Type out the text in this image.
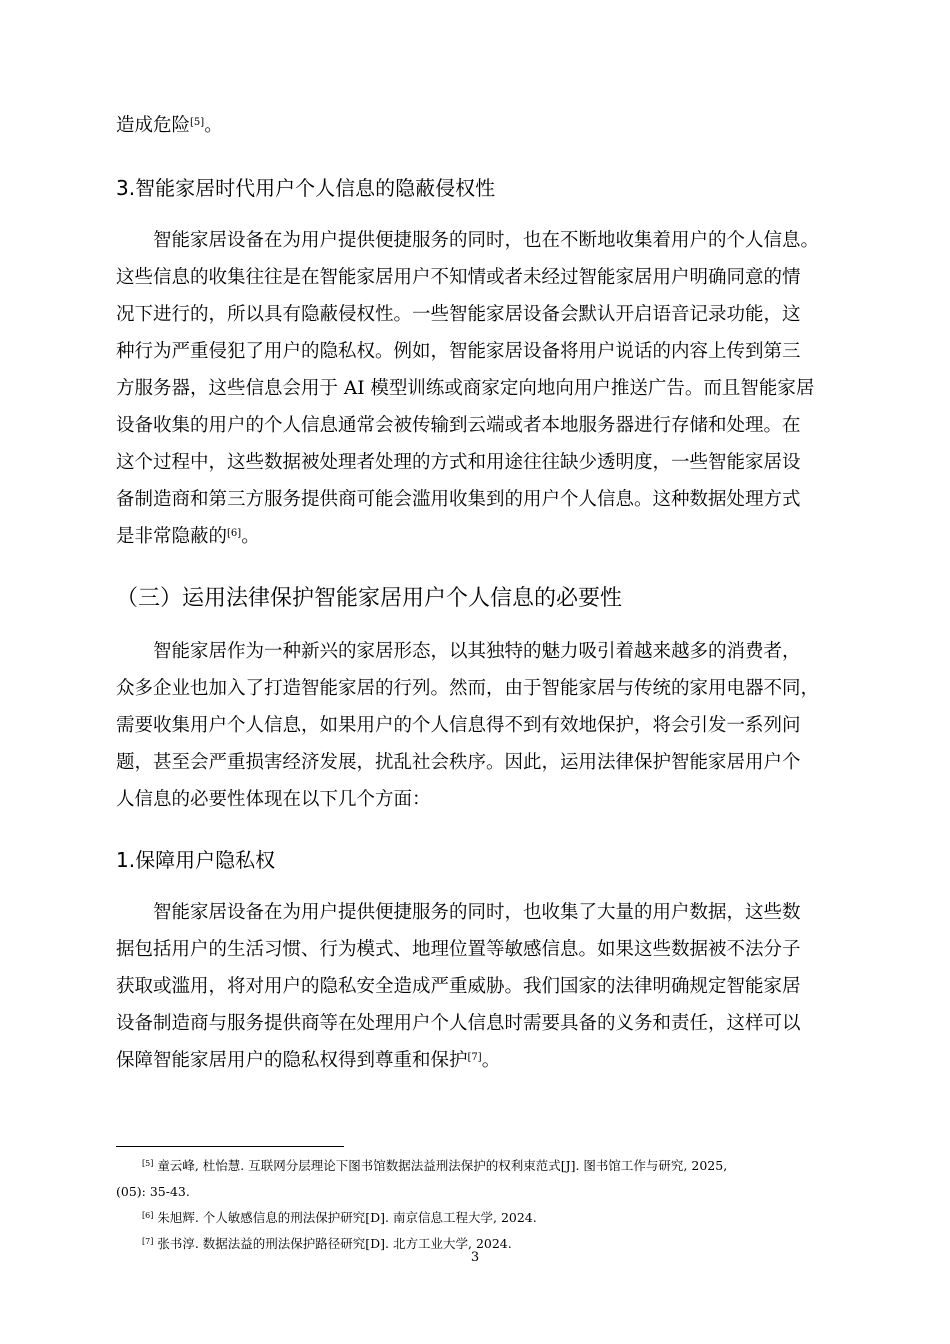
造成危险[5]。
3.智能家居时代用户个人信息的隐蔽侵权性
智能家居设备在为用户提供便捷服务的同时，也在不断地收集着用户的个人信息。
这些信息的收集往往是在智能家居用户不知情或者未经过智能家居用户明确同意的情
况下进行的，所以具有隐蔽侵权性。一些智能家居设备会默认开启语音记录功能，这
种行为严重侵犯了用户的隐私权。例如，智能家居设备将用户说话的内容上传到第三
方服务器，这些信息会用于 AI 模型训练或商家定向地向用户推送广告。而且智能家居
设备收集的用户的个人信息通常会被传输到云端或者本地服务器进行存储和处理。在
这个过程中，这些数据被处理者处理的方式和用途往往缺少透明度，一些智能家居设
备制造商和第三方服务提供商可能会滥用收集到的用户个人信息。这种数据处理方式
是非常隐蔽的[6]。
（三）运用法律保护智能家居用户个人信息的必要性
智能家居作为一种新兴的家居形态，以其独特的魅力吸引着越来越多的消费者，
众多企业也加入了打造智能家居的行列。然而，由于智能家居与传统的家用电器不同，
需要收集用户个人信息，如果用户的个人信息得不到有效地保护，将会引发一系列问
题，甚至会严重损害经济发展，扰乱社会秩序。因此，运用法律保护智能家居用户个
人信息的必要性体现在以下几个方面：
1.保障用户隐私权
智能家居设备在为用户提供便捷服务的同时，也收集了大量的用户数据，这些数
据包括用户的生活习惯、行为模式、地理位置等敏感信息。如果这些数据被不法分子
获取或滥用，将对用户的隐私安全造成严重威胁。我们国家的法律明确规定智能家居
设备制造商与服务提供商等在处理用户个人信息时需要具备的义务和责任，这样可以
保障智能家居用户的隐私权得到尊重和保护[7]。
[5] 童云峰, 杜怡慧. 互联网分层理论下图书馆数据法益刑法保护的权利束范式[J]. 图书馆工作与研究, 2025,
(05): 35-43.
[6] 朱旭辉. 个人敏感信息的刑法保护研究[D]. 南京信息工程大学, 2024.
[7] 张书淳. 数据法益的刑法保护路径研究[D]. 北方工业大学, 2024.
3
